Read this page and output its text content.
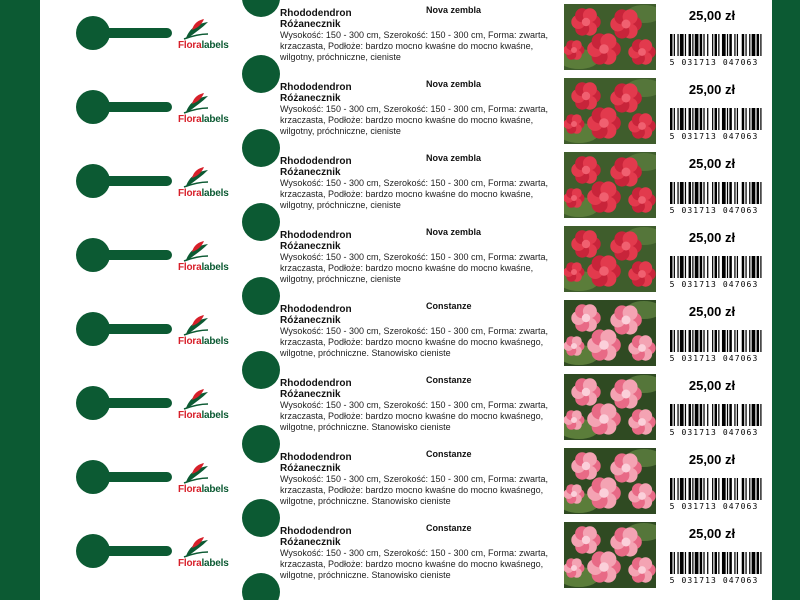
Floralabels
Rhododendron
Różanecznik
Nova zembla
Wysokość: 150 - 300 cm, Szerokość: 150 - 300 cm, Forma: zwarta, krzaczasta, Podłoże: bardzo mocno kwaśne do mocno kwaśne, wilgotny, próchniczne, cieniste
25,00 zł
5 031713 047063
Floralabels
Rhododendron
Różanecznik
Nova zembla
Wysokość: 150 - 300 cm, Szerokość: 150 - 300 cm, Forma: zwarta, krzaczasta, Podłoże: bardzo mocno kwaśne do mocno kwaśne, wilgotny, próchniczne, cieniste
25,00 zł
5 031713 047063
Floralabels
Rhododendron
Różanecznik
Nova zembla
Wysokość: 150 - 300 cm, Szerokość: 150 - 300 cm, Forma: zwarta, krzaczasta, Podłoże: bardzo mocno kwaśne do mocno kwaśne, wilgotny, próchniczne, cieniste
25,00 zł
5 031713 047063
Floralabels
Rhododendron
Różanecznik
Nova zembla
Wysokość: 150 - 300 cm, Szerokość: 150 - 300 cm, Forma: zwarta, krzaczasta, Podłoże: bardzo mocno kwaśne do mocno kwaśne, wilgotny, próchniczne, cieniste
25,00 zł
5 031713 047063
Floralabels
Rhododendron
Różanecznik
Constanze
Wysokość: 150 - 300 cm, Szerokość: 150 - 300 cm, Forma: zwarta, krzaczasta, Podłoże: bardzo mocno kwaśne do mocno kwaśnego, wilgotne, próchniczne. Stanowisko cieniste
25,00 zł
5 031713 047063
Floralabels
Rhododendron
Różanecznik
Constanze
Wysokość: 150 - 300 cm, Szerokość: 150 - 300 cm, Forma: zwarta, krzaczasta, Podłoże: bardzo mocno kwaśne do mocno kwaśnego, wilgotne, próchniczne. Stanowisko cieniste
25,00 zł
5 031713 047063
Floralabels
Rhododendron
Różanecznik
Constanze
Wysokość: 150 - 300 cm, Szerokość: 150 - 300 cm, Forma: zwarta, krzaczasta, Podłoże: bardzo mocno kwaśne do mocno kwaśnego, wilgotne, próchniczne. Stanowisko cieniste
25,00 zł
5 031713 047063
Floralabels
Rhododendron
Różanecznik
Constanze
Wysokość: 150 - 300 cm, Szerokość: 150 - 300 cm, Forma: zwarta, krzaczasta, Podłoże: bardzo mocno kwaśne do mocno kwaśnego, wilgotne, próchniczne. Stanowisko cieniste
25,00 zł
5 031713 047063
